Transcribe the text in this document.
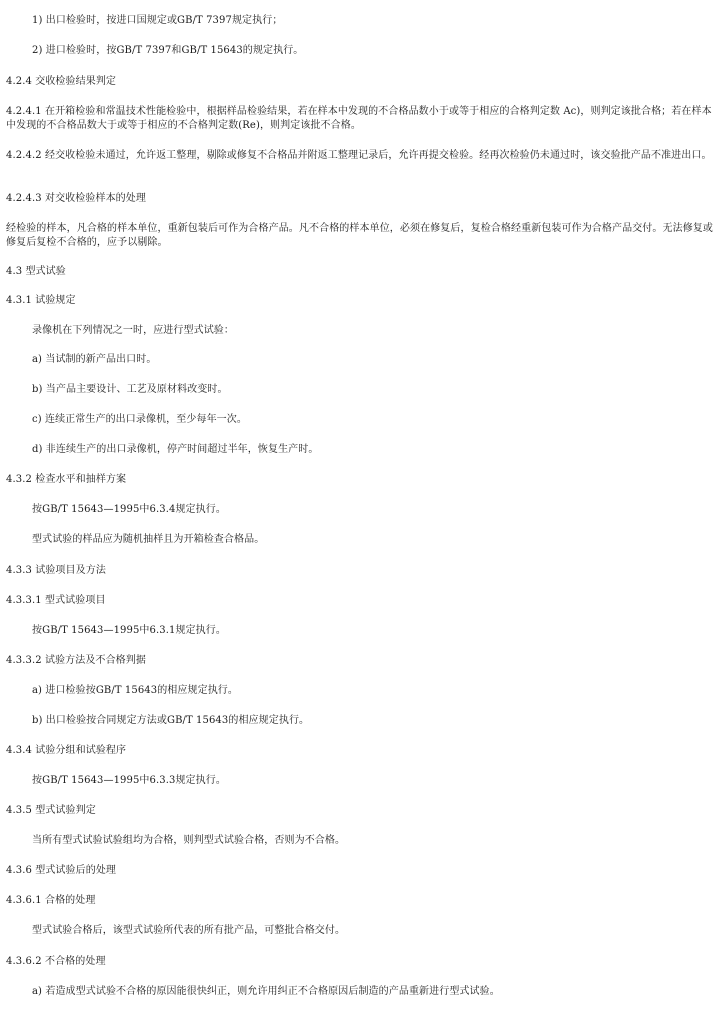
1) 出口检验时，按进口国规定或GB/T 7397规定执行；
2) 进口检验时，按GB/T 7397和GB/T 15643的规定执行。
4.2.4 交收检验结果判定
4.2.4.1 在开箱检验和常温技术性能检验中，根据样品检验结果，若在样本中发现的不合格品数小于或等于相应的合格判定数 Ac)，则判定该批合格；若在样本中发现的不合格品数大于或等于相应的不合格判定数(Re)，则判定该批不合格。
4.2.4.2 经交收检验未通过，允许返工整理，剔除或修复不合格品并附返工整理记录后，允许再提交检验。经再次检验仍未通过时，该交验批产品不准进出口。
4.2.4.3 对交收检验样本的处理
经检验的样本，凡合格的样本单位，重新包装后可作为合格产品。凡不合格的样本单位，必须在修复后，复检合格经重新包装可作为合格产品交付。无法修复或修复后复检不合格的，应予以剔除。
4.3 型式试验
4.3.1 试验规定
录像机在下列情况之一时，应进行型式试验：
a) 当试制的新产品出口时。
b) 当产品主要设计、工艺及原材料改变时。
c) 连续正常生产的出口录像机，至少每年一次。
d) 非连续生产的出口录像机，停产时间超过半年，恢复生产时。
4.3.2 检查水平和抽样方案
按GB/T 15643—1995中6.3.4规定执行。
型式试验的样品应为随机抽样且为开箱检查合格品。
4.3.3 试验项目及方法
4.3.3.1 型式试验项目
按GB/T 15643—1995中6.3.1规定执行。
4.3.3.2 试验方法及不合格判据
a) 进口检验按GB/T 15643的相应规定执行。
b) 出口检验按合同规定方法或GB/T 15643的相应规定执行。
4.3.4 试验分组和试验程序
按GB/T 15643—1995中6.3.3规定执行。
4.3.5 型式试验判定
当所有型式试验试验组均为合格，则判型式试验合格，否则为不合格。
4.3.6 型式试验后的处理
4.3.6.1 合格的处理
型式试验合格后，该型式试验所代表的所有批产品，可整批合格交付。
4.3.6.2 不合格的处理
a) 若造成型式试验不合格的原因能很快纠正，则允许用纠正不合格原因后制造的产品重新进行型式试验。
